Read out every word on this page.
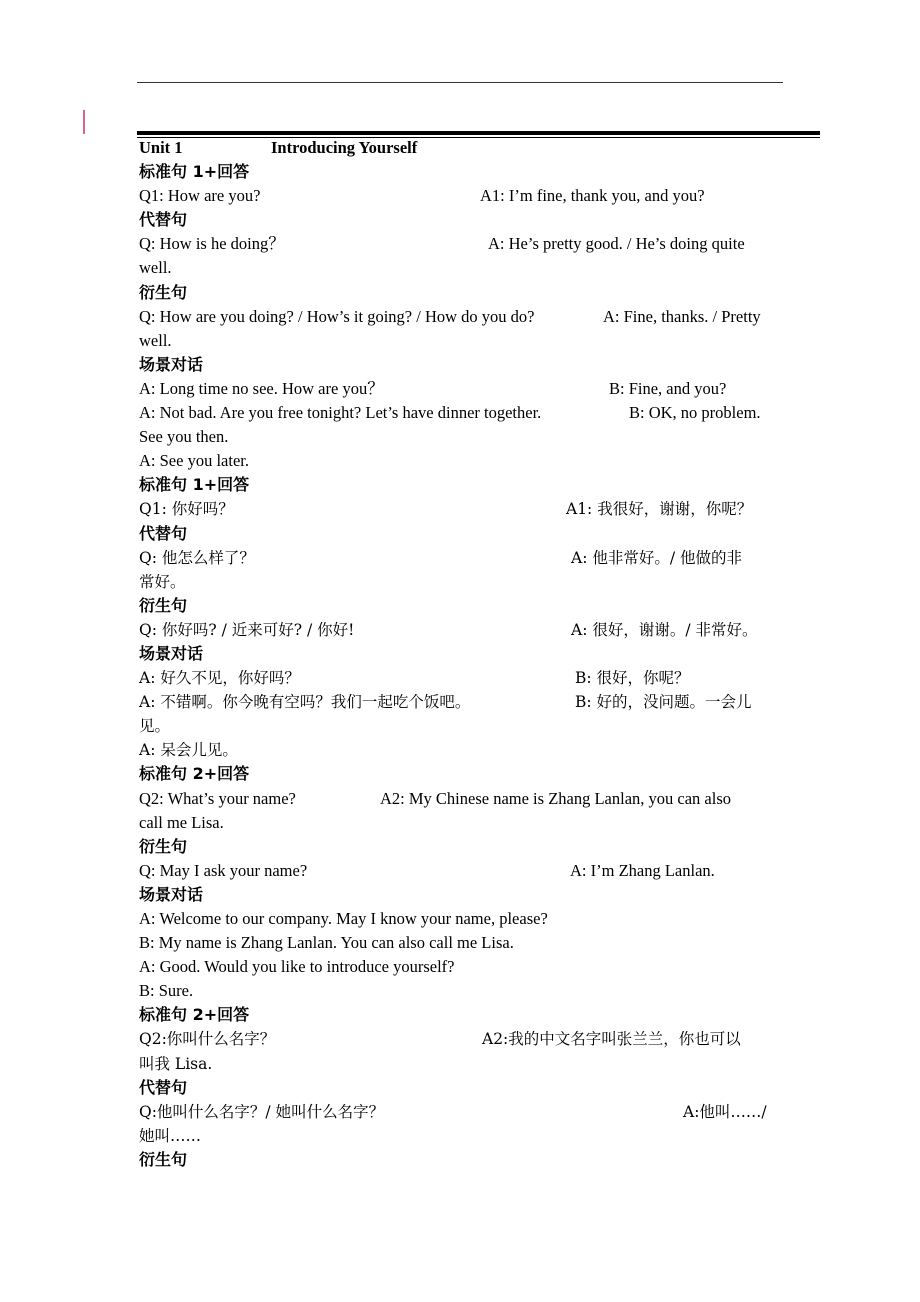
Unit 1	Introducing Yourself
标准句 1+回答
Q1: How are you?	A1: I’m fine, thank you, and you?
代替句
Q: How is he doing？	A: He’s pretty good. / He’s doing quite
well.
衍生句
Q: How are you doing? / How’s it going? / How do you do?	A: Fine, thanks. / Pretty
well.
场景对话
A: Long time no see. How are you？	B: Fine, and you?
A: Not bad. Are you free tonight? Let’s have dinner together.	B: OK, no problem.
See you then.
A: See you later.
标准句 1+回答
Q1: 你好吗？	A1: 我很好，谢谢，你呢？
代替句
Q: 他怎么样了？	A: 他非常好。/ 他做的非
常好。
衍生句
Q: 你好吗? / 近来可好? / 你好!	A: 很好，谢谢。/ 非常好。
场景对话
A: 好久不见，你好吗？	B: 很好，你呢？
A: 不错啊。你今晚有空吗？我们一起吃个饭吧。	B: 好的，没问题。一会儿
见。
A: 呆会儿见。
标准句 2+回答
Q2: What’s your name?	A2: My Chinese name is Zhang Lanlan, you can also
call me Lisa.
衍生句
Q: May I ask your name?	A: I’m Zhang Lanlan.
场景对话
A: Welcome to our company. May I know your name, please?
B: My name is Zhang Lanlan. You can also call me Lisa.
A: Good. Would you like to introduce yourself?
B: Sure.
标准句 2+回答
Q2:你叫什么名字？	A2:我的中文名字叫张兰兰，你也可以
叫我 Lisa.
代替句
Q:他叫什么名字？/ 她叫什么名字？	A:他叫……/
她叫……
衍生句
